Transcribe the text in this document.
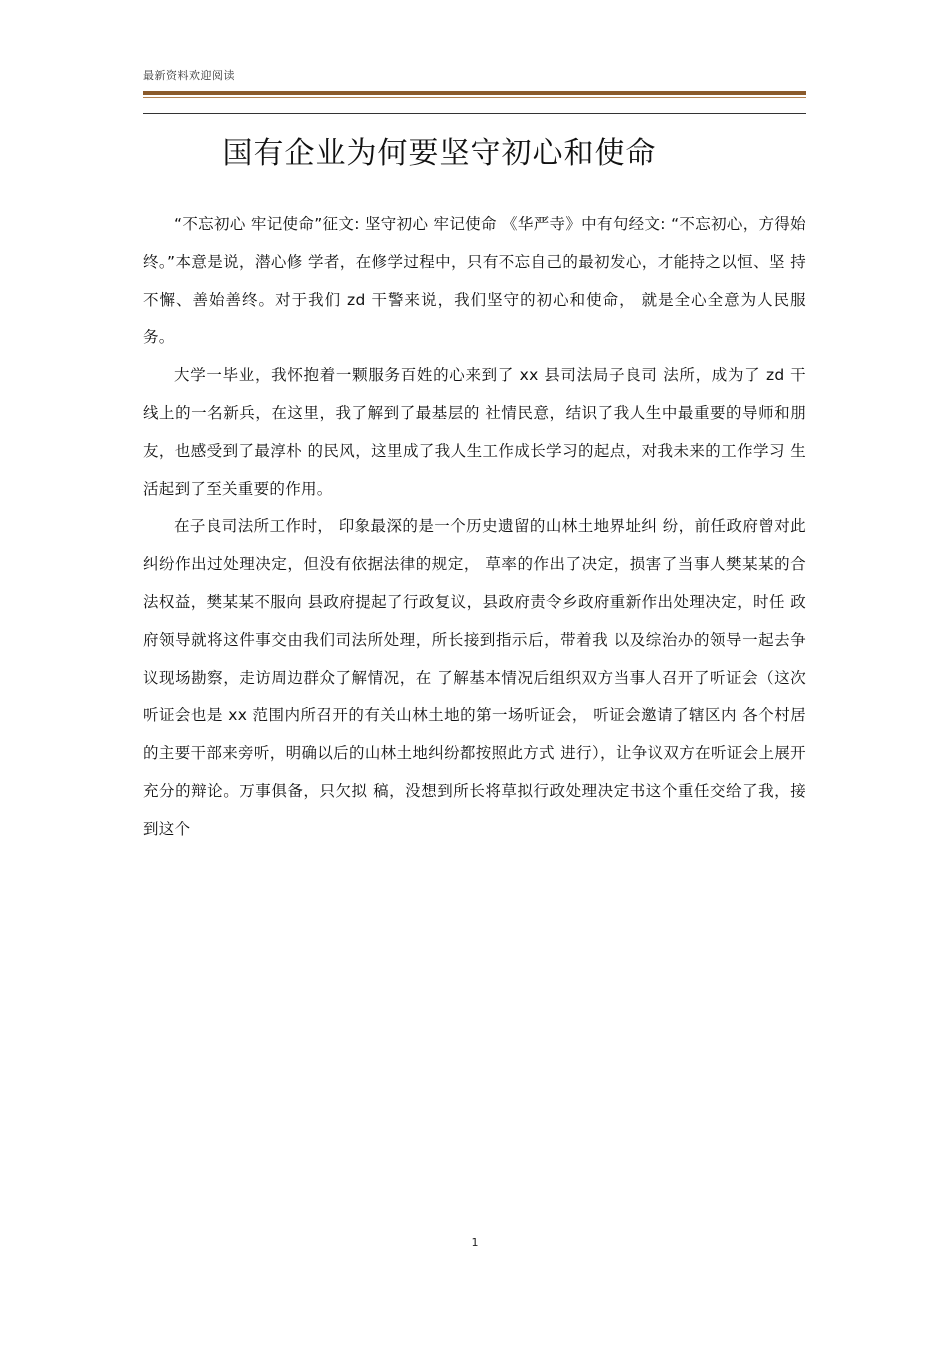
最新资料欢迎阅读
国有企业为何要坚守初心和使命

“不忘初心 牢记使命”征文: 坚守初心 牢记使命 《华严寺》中有句经文: “不忘初心，方得始终。”本意是说，潜心修 学者，在修学过程中，只有不忘自己的最初发心，才能持之以恒、坚 持不懈、善始善终。对于我们 zd 干警来说，我们坚守的初心和使命， 就是全心全意为人民服务。

大学一毕业，我怀抱着一颗服务百姓的心来到了 xx 县司法局子良司 法所，成为了 zd 干线上的一名新兵，在这里，我了解到了最基层的 社情民意，结识了我人生中最重要的导师和朋友，也感受到了最淳朴 的民风，这里成了我人生工作成长学习的起点，对我未来的工作学习 生活起到了至关重要的作用。

在子良司法所工作时， 印象最深的是一个历史遗留的山林土地界址纠 纷，前任政府曾对此纠纷作出过处理决定，但没有依据法律的规定， 草率的作出了决定，损害了当事人樊某某的合法权益，樊某某不服向 县政府提起了行政复议，县政府责令乡政府重新作出处理决定，时任 政府领导就将这件事交由我们司法所处理，所长接到指示后，带着我 以及综治办的领导一起去争议现场勘察，走访周边群众了解情况，在 了解基本情况后组织双方当事人召开了听证会（这次听证会也是 xx 范围内所召开的有关山林土地的第一场听证会， 听证会邀请了辖区内 各个村居的主要干部来旁听，明确以后的山林土地纠纷都按照此方式 进行），让争议双方在听证会上展开充分的辩论。万事俱备，只欠拟 稿，没想到所长将草拟行政处理决定书这个重任交给了我，接到这个

1
